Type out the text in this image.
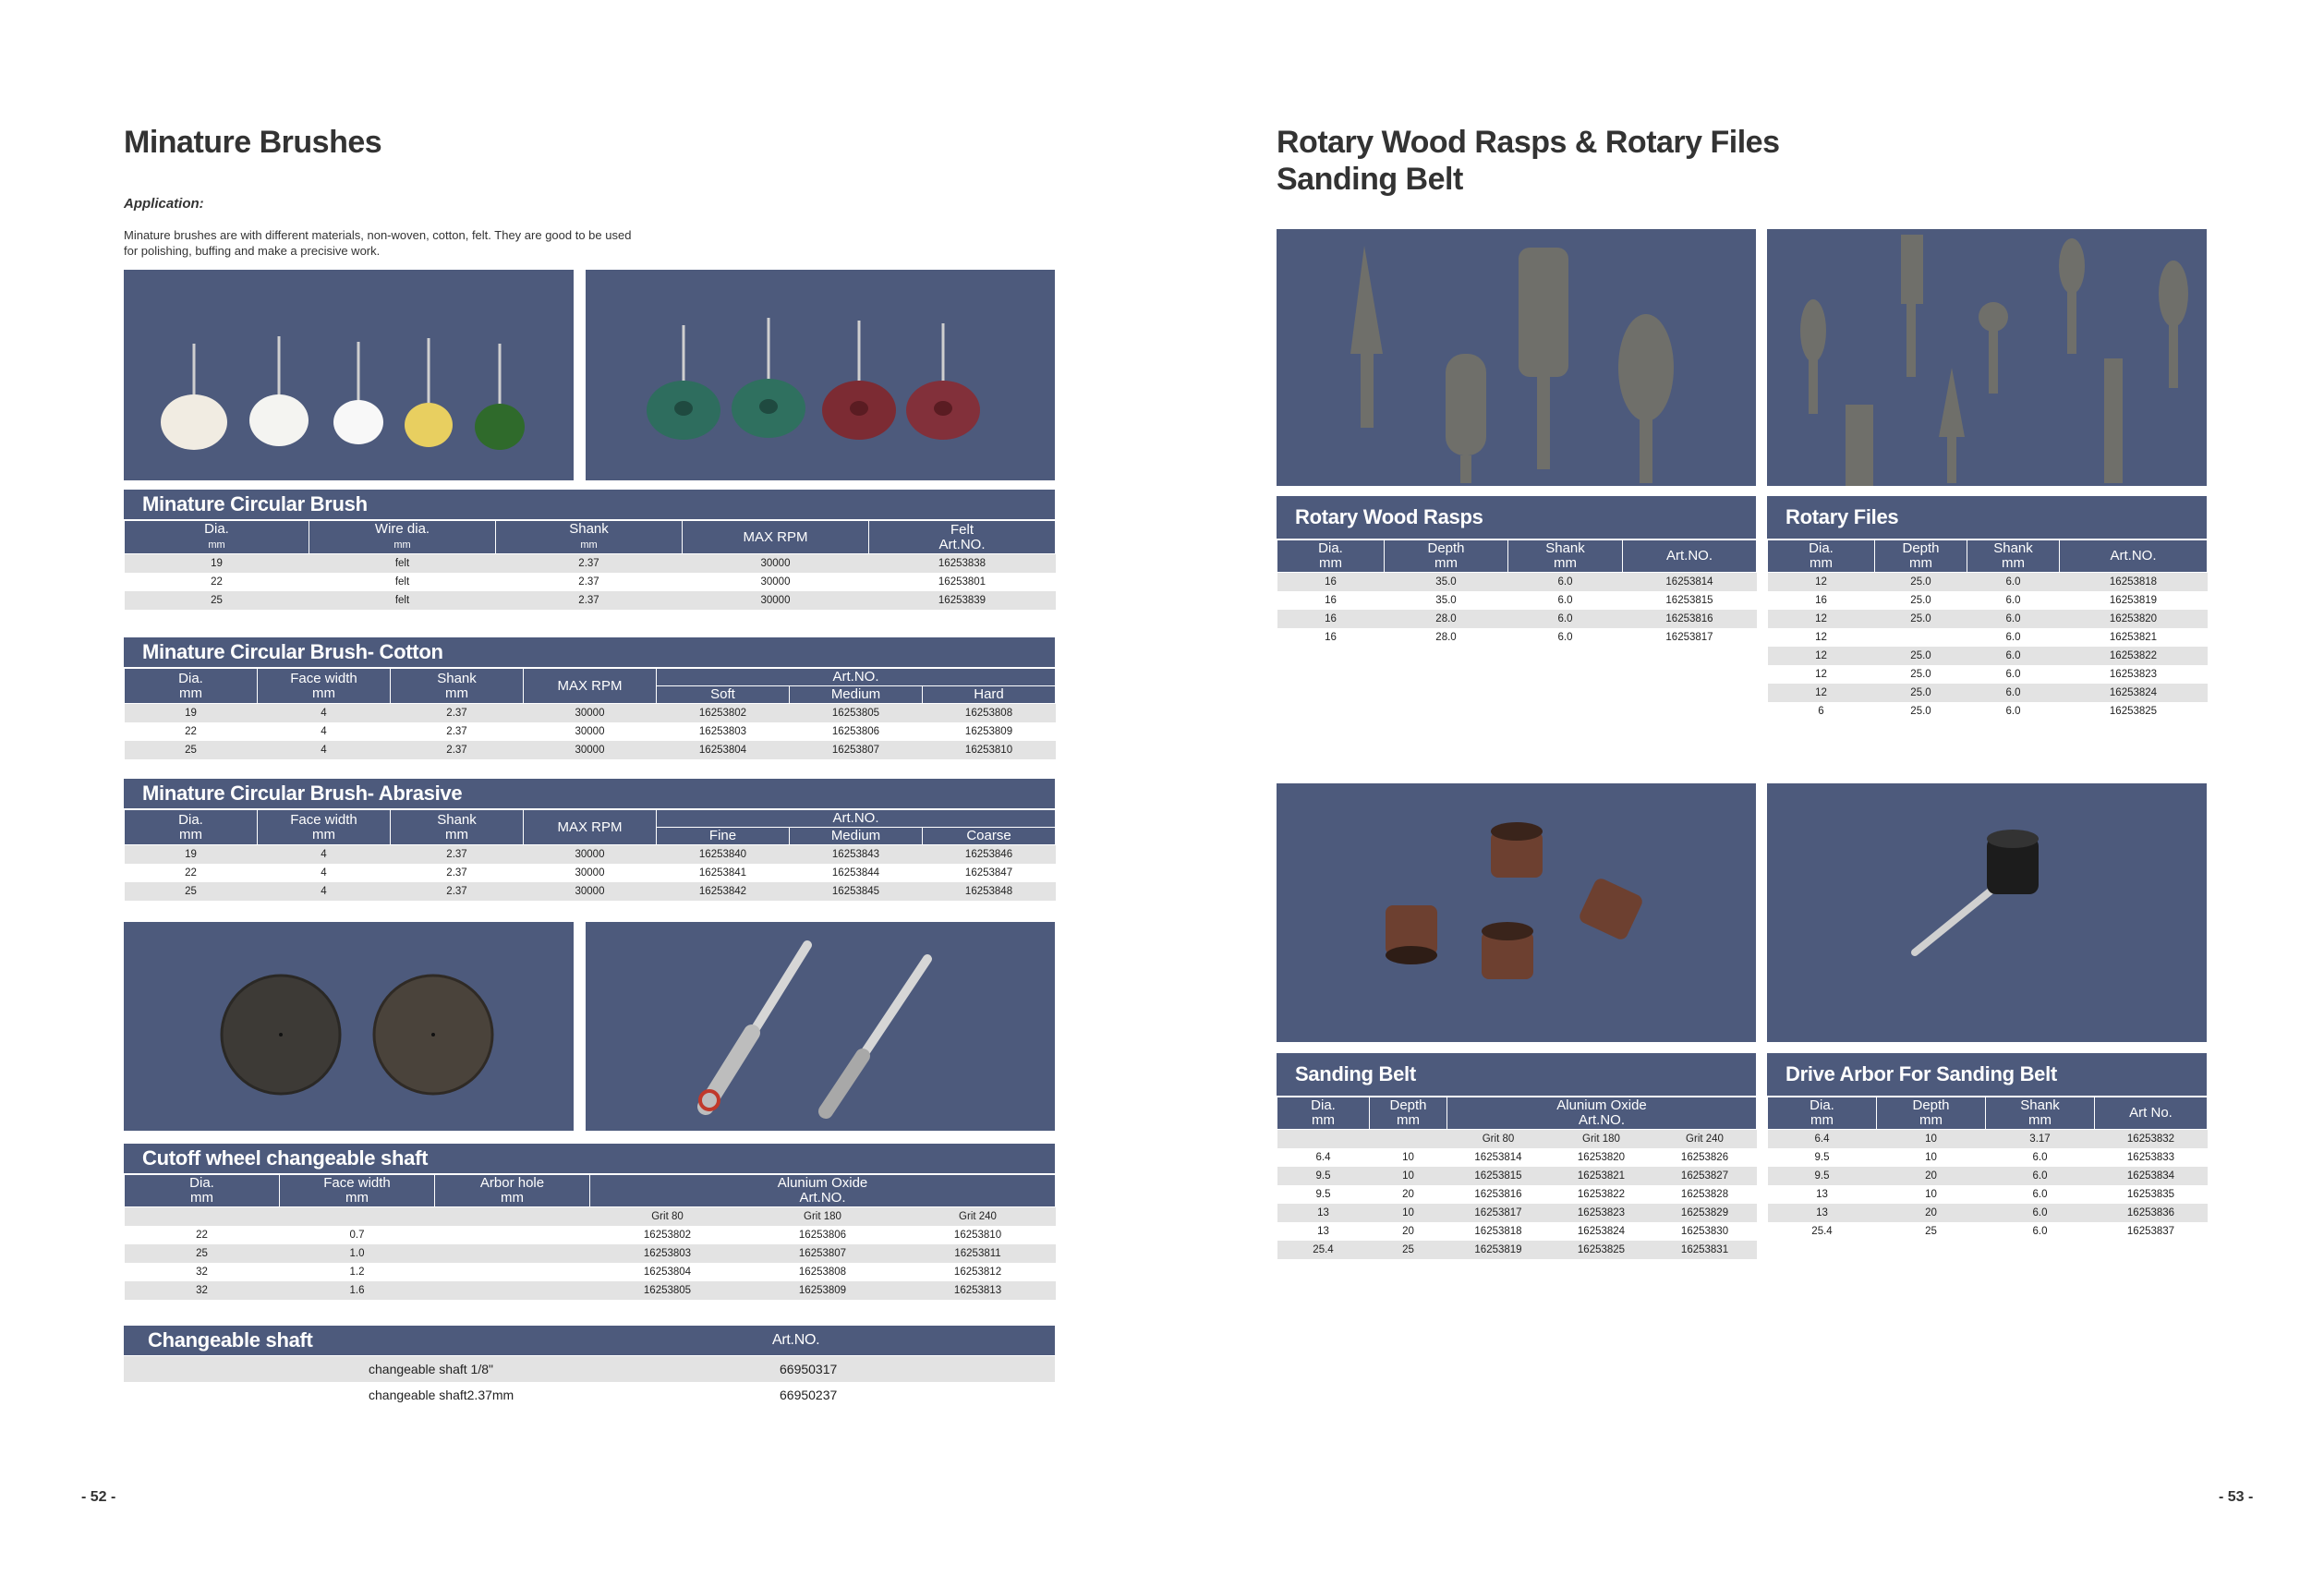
Minature Brushes
Application:
Minature brushes are with different materials, non-woven, cotton, felt. They are good to be used for polishing, buffing and make a precisive work.
Minature Circular Brush
Dia.
mm	Wire dia.
mm	Shank
mm	MAX RPM	Felt
Art.NO.
19	felt	2.37	30000	16253838
22	felt	2.37	30000	16253801
25	felt	2.37	30000	16253839
Minature Circular Brush- Cotton
Dia.
mm	Face width
mm	Shank
mm	MAX RPM	Art.NO.		
				Soft	Medium	Hard
19	4	2.37	30000	16253802	16253805	16253808
22	4	2.37	30000	16253803	16253806	16253809
25	4	2.37	30000	16253804	16253807	16253810
Minature Circular Brush- Abrasive
Dia.
mm	Face width
mm	Shank
mm	MAX RPM	Art.NO.		
				Fine	Medium	Coarse
19	4	2.37	30000	16253840	16253843	16253846
22	4	2.37	30000	16253841	16253844	16253847
25	4	2.37	30000	16253842	16253845	16253848
Cutoff wheel changeable shaft
Dia.
mm	Face width
mm	Arbor hole
mm	Alunium Oxide
Art.NO.		
			Grit 80	Grit 180	Grit 240
22	0.7		16253802	16253806	16253810
25	1.0		16253803	16253807	16253811
32	1.2		16253804	16253808	16253812
32	1.6		16253805	16253809	16253813
Changeable shaft	Art.NO.
changeable shaft 1/8"	66950317
changeable shaft2.37mm	66950237
- 52 -
Rotary Wood Rasps & Rotary Files
Sanding Belt
Rotary Wood Rasps
Dia.
mm	Depth
mm	Shank
mm	Art.NO.
16	35.0	6.0	16253814
16	35.0	6.0	16253815
16	28.0	6.0	16253816
16	28.0	6.0	16253817
Rotary Files
Dia.
mm	Depth
mm	Shank
mm	Art.NO.
12	25.0	6.0	16253818
16	25.0	6.0	16253819
12	25.0	6.0	16253820
12		6.0	16253821
12	25.0	6.0	16253822
12	25.0	6.0	16253823
12	25.0	6.0	16253824
6	25.0	6.0	16253825
Sanding Belt
Dia.
mm	Depth
mm	Alunium Oxide
Art.NO.		
		Grit 80	Grit 180	Grit 240
6.4	10	16253814	16253820	16253826
9.5	10	16253815	16253821	16253827
9.5	20	16253816	16253822	16253828
13	10	16253817	16253823	16253829
13	20	16253818	16253824	16253830
25.4	25	16253819	16253825	16253831
Drive Arbor For Sanding Belt
Dia.
mm	Depth
mm	Shank
mm	Art No.
6.4	10	3.17	16253832
9.5	10	6.0	16253833
9.5	20	6.0	16253834
13	10	6.0	16253835
13	20	6.0	16253836
25.4	25	6.0	16253837
- 53 -
